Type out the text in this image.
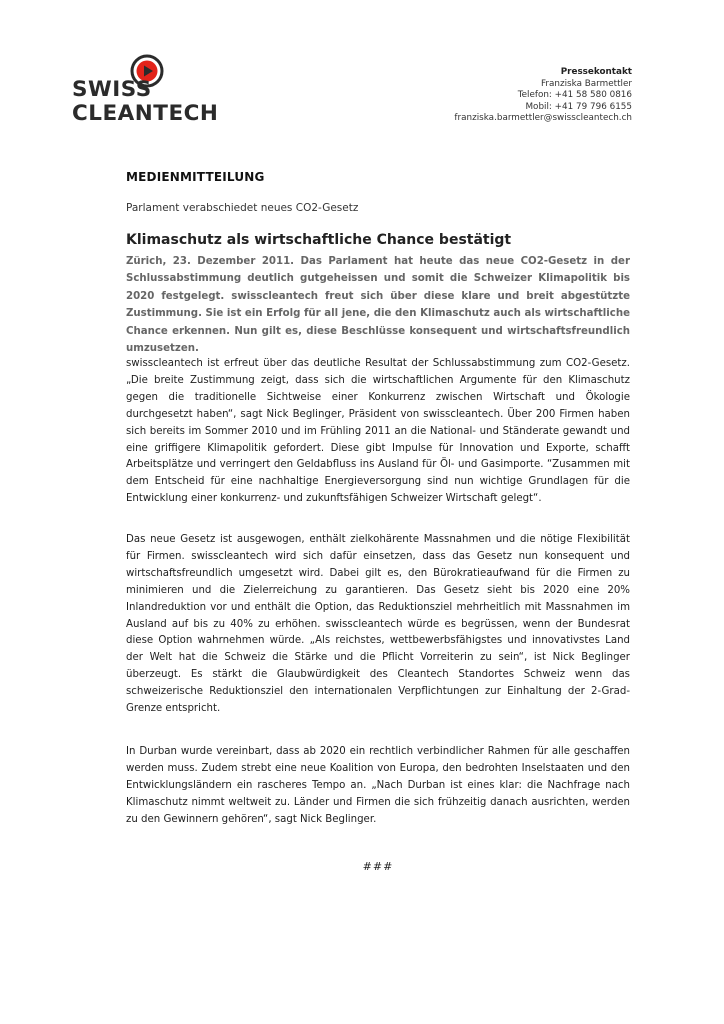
SWISS
CLEANTECH
Pressekontakt
Franziska Barmettler
Telefon: +41 58 580 0816
Mobil: +41 79 796 6155
franziska.barmettler@swisscleantech.ch
MEDIENMITTEILUNG
Parlament verabschiedet neues CO2-Gesetz
Klimaschutz als wirtschaftliche Chance bestätigt
Zürich, 23. Dezember 2011. Das Parlament hat heute das neue CO2-Gesetz in der Schlussabstimmung deutlich gutgeheissen und somit die Schweizer Klimapolitik bis 2020 festgelegt. swisscleantech freut sich über diese klare und breit abgestützte Zustimmung. Sie ist ein Erfolg für all jene, die den Klimaschutz auch als wirtschaftliche Chance erkennen. Nun gilt es, diese Beschlüsse konsequent und wirtschaftsfreundlich umzusetzen.
swisscleantech ist erfreut über das deutliche Resultat der Schlussabstimmung zum CO2-Gesetz. „Die breite Zustimmung zeigt, dass sich die wirtschaftlichen Argumente für den Klimaschutz gegen die traditionelle Sichtweise einer Konkurrenz zwischen Wirtschaft und Ökologie durchgesetzt haben“, sagt Nick Beglinger, Präsident von swisscleantech. Über 200 Firmen haben sich bereits im Sommer 2010 und im Frühling 2011 an die National- und Ständerate gewandt und eine griffigere Klimapolitik gefordert. Diese gibt Impulse für Innovation und Exporte, schafft Arbeitsplätze und verringert den Geldabfluss ins Ausland für Öl- und Gasimporte. “Zusammen mit dem Entscheid für eine nachhaltige Energieversorgung sind nun wichtige Grundlagen für die Entwicklung einer konkurrenz- und zukunftsfähigen Schweizer Wirtschaft gelegt“.
Das neue Gesetz ist ausgewogen, enthält zielkohärente Massnahmen und die nötige Flexibilität für Firmen. swisscleantech wird sich dafür einsetzen, dass das Gesetz nun konsequent und wirtschaftsfreundlich umgesetzt wird. Dabei gilt es, den Bürokratieaufwand für die Firmen zu minimieren und die Zielerreichung zu garantieren. Das Gesetz sieht bis 2020 eine 20% Inlandreduktion vor und enthält die Option, das Reduktionsziel mehrheitlich mit Massnahmen im Ausland auf bis zu 40% zu erhöhen. swisscleantech würde es begrüssen, wenn der Bundesrat diese Option wahrnehmen würde. „Als reichstes, wettbewerbsfähigstes und innovativstes Land der Welt hat die Schweiz die Stärke und die Pflicht Vorreiterin zu sein“, ist Nick Beglinger überzeugt. Es stärkt die Glaubwürdigkeit des Cleantech Standortes Schweiz wenn das schweizerische Reduktionsziel den internationalen Verpflichtungen zur Einhaltung der 2-Grad-Grenze entspricht.
In Durban wurde vereinbart, dass ab 2020 ein rechtlich verbindlicher Rahmen für alle geschaffen werden muss. Zudem strebt eine neue Koalition von Europa, den bedrohten Inselstaaten und den Entwicklungsländern ein rascheres Tempo an. „Nach Durban ist eines klar: die Nachfrage nach Klimaschutz nimmt weltweit zu. Länder und Firmen die sich frühzeitig danach ausrichten, werden zu den Gewinnern gehören“, sagt Nick Beglinger.
###
